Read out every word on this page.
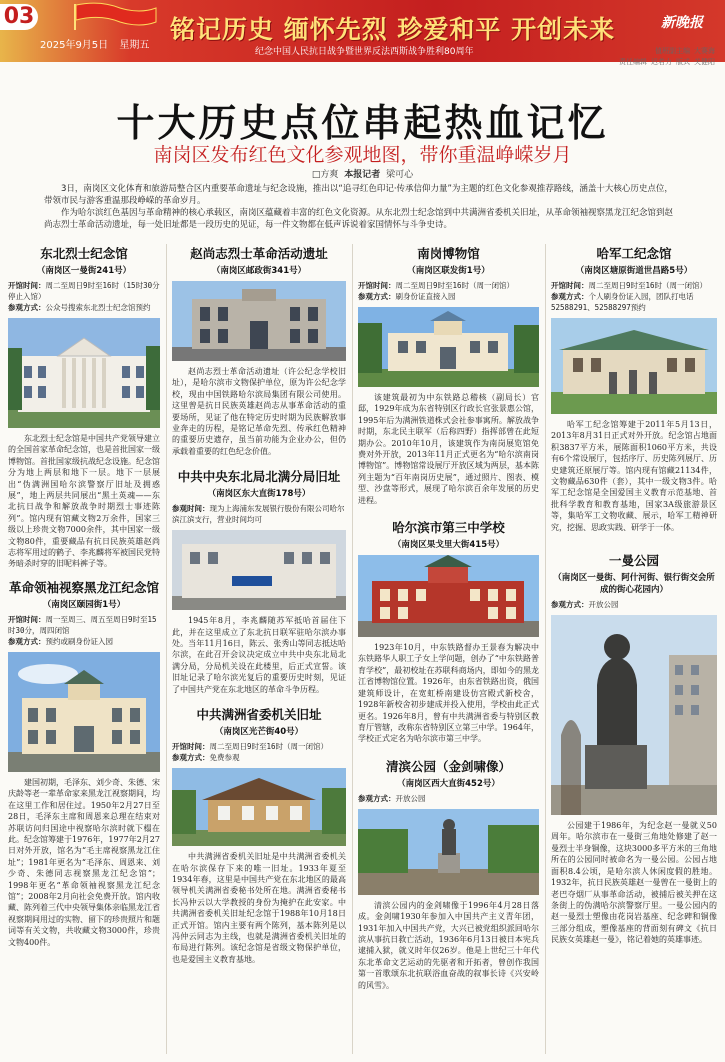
03
2025年9月5日 星期五
铭记历史 缅怀先烈 珍爱和平 开创未来
纪念中国人民抗日战争暨世界反法西斯战争胜利80周年
新晚报
值班副主编 大赛海
责任编辑 迟若力 版式 关健阳
十大历史点位串起热血记忆
南岗区发布红色文化参观地图，带你重温峥嵘岁月
□方爽 本报记者 梁可心

3日，南岗区文化体育和旅游局整合区内重要革命遗址与纪念设施，推出以“追寻红色印记·传承信仰力量”为主题的红色文化参观推荐路线，涵盖十大核心历史点位，带领市民与游客重温那段峥嵘的革命岁月。

作为哈尔滨红色基因与革命精神的核心承载区，南岗区蕴藏着丰富的红色文化资源。从东北烈士纪念馆到中共满洲省委机关旧址，从革命领袖视察黑龙江纪念馆到赵尚志烈士革命活动遗址，每一处旧址都是一段历史的见证，每一件文物都在低声诉说着家国情怀与斗争史诗。

东北烈士纪念馆
（南岗区一曼街241号）
开馆时间：周二至周日9时至16时（15时30分停止入馆）
参观方式：公众号搜索东北烈士纪念馆预约

东北烈士纪念馆是中国共产党领导建立的全国首家革命纪念馆，也是首批国家一级博物馆。首批国家级抗战纪念设施。纪念馆分为地上两层和地下一层。地下一层展出“伪满洲国哈尔滨警察厅旧址及拥惑展”，地上两层共同展出“黑土英魂——东北抗日战争和解放战争时期烈士事迹陈列”。馆内现有馆藏文物2万余件，国家三级以上珍贵文物7000余件，其中国家一级文物80件，重要藏品有抗日民族英雄赵尚志将军用过的鹤子、李兆麟将军被国民党特务暗杀时穿的旧呢料裤子等。

革命领袖视察黑龙江纪念馆
（南岗区颐园街1号）
开馆时间：周一至周三、周五至周日9时至15时30分，周四闭馆
参观方式：预约或刷身份证入园

建国初期，毛泽东、刘少奇、朱德、宋庆龄等老一辈革命家来黑龙江视察期间，均在这里工作和居住过。1950年2月27日至28日，毛泽东主席和周恩来总理在结束对苏联访问归国途中视察哈尔滨时就下榻在此。纪念馆筹建于1976年，1977年2月27日对外开放，馆名为“毛主席视察黑龙江住址”；1981年更名为“毛泽东、周恩来、刘少奇、朱德同志视察黑龙江纪念馆”；1998年更名“革命领袖视察黑龙江纪念馆”；2008年2月向社会免费开放。馆内收藏、陈列着三代中央领导集体亲临黑龙江省视察期间用过的实物、留下的珍贵照片和题词等有关文物，共收藏文物3000件，珍贵文物400件。

赵尚志烈士革命活动遗址
（南岗区邮政街341号）

赵尚志烈士革命活动遗址（许公纪念学校旧址），是哈尔滨市文物保护单位，原为许公纪念学校，现由中国铁路哈尔滨局集团有限公司使用。这里曾是抗日民族英雄赵尚志从事革命活动的重要场所，见证了他在特定历史时期为民族解放事业奔走的历程，是铭记革命先烈、传承红色精神的重要历史遗存，虽当前功能为企业办公，但仍承载着重要的红色纪念价值。

中共中央东北局北满分局旧址
（南岗区东大直街178号）
参观时间：现为上海浦东发展银行股份有限公司哈尔滨江滨支行，营业时间均可

1945年8月，李兆麟随苏军抵哈首届住下此，并在这里成立了东北抗日联军驻哈尔滨办事处。当年11月16日，陈云、张秀山等同志抵达哈尔滨，在此召开会议决定成立中共中央东北局北满分局，分局机关设在此楼里，后正式宣誓。该旧址记录了哈尔滨光复后的重要历史时刻，见证了中国共产党在东北地区的革命斗争历程。

中共满洲省委机关旧址
（南岗区光芒街40号）
开馆时间：周二至周日9时至16时（周一闭馆）
参观方式：免费参观

中共满洲省委机关旧址是中共满洲省委机关在哈尔滨保存下来的唯一旧址。1933年夏至1934年春，这里是中国共产党在东北地区的最高领导机关满洲省委秘书处所在地。满洲省委秘书长冯仲云以大学教授的身份为掩护在此安家。中共满洲省委机关旧址纪念馆于1988年10月18日正式开馆。馆内主要有两个陈列，基本陈列是以冯仲云同志为主线，也就是满洲省委机关旧址的布局进行陈列。该纪念馆是省级文物保护单位，也是爱国主义教育基地。

南岗博物馆
（南岗区联发街1号）
开馆时间：周二至周日9时至16时（周一闭馆）
参观方式：刷身份证直接入园

该建筑最初为中东铁路总稽核（副局长）官邸，1929年成为东省特别区行政长官张景惠公馆，1995年后为满洲铁道株式会社参事寓所。解放战争时期，东北民主联军（后称四野）指挥部曾在此短期办公。2010年10月，该建筑作为南岗展览馆免费对外开放，2013年11月正式更名为“哈尔滨南岗博物馆”。博物馆常设展厅开放区域为两层，基本陈列主题为“百年南岗历史展”，通过照片、图表、模型、沙盘等形式，展现了哈尔滨百余年发展的历史进程。

哈尔滨市第三中学校
（南岗区果戈里大街415号）

1923年10月，中东铁路督办王景春为解决中东铁路华人职工子女上学问题，创办了“中东铁路普育学校”，最初校址在苏联科商场内，即如今的黑龙江省博物馆位置。1926年，由东省铁路出资，俄国建筑师设计，在宽虹桥南建设仿宫殿式新校舍，1928年新校舍初步建成并投入使用，学校由此正式更名。1926年8月，曾有中共满洲省委与特别区教育厅管辖，改称东省特别区立第三中学。1964年，学校正式定名为哈尔滨市第三中学。

清滨公园（金剑啸像）
（南岗区西大直街452号）
参观方式：开放公园

清滨公园内的金剑啸像于1996年4月28日落成。金剑啸1930年参加入中国共产主义青年团，1931年加入中国共产党，大兴已被党组织派回哈尔滨从事抗日救亡活动，1936年6月13日被日本宪兵逮捕入狱，就义时年仅26岁。他是上世纪三十年代东北革命文艺运动的先驱者和开拓者，曾创作我国第一首歌颂东北抗联浴血奋战的叙事长诗《兴安岭的风雪》。

哈军工纪念馆
（南岗区塘原街道世昌路5号）
开馆时间：周二至周日9时至16时（周一闭馆）
参观方式：个人刷身份证入园，团队打电话52588291、52588297预约

哈军工纪念馆筹建于2011年5月13日，2013年8月31日正式对外开放。纪念馆占地面积3837平方米，展陈面积1060平方米，共设有6个常设展厅，包括序厅、历史陈列展厅、历史建筑还原展厅等。馆内现有馆藏21134件，文物藏品630件（套），其中一级文物3件。哈军工纪念馆是全国爱国主义教育示范基地、首批科学教育和教育基地，国家3A级旅游景区等，集哈军工文物收藏、展示，哈军工精神研究，挖掘、思政实践、研学于一体。

一曼公园
（南岗区一曼街、阿什河街、银行街交会所成的街心花园内）
参观方式：开放公园

公园建于1986年，为纪念赵一曼就义50周年。哈尔滨市在一曼街三角地处修建了赵一曼烈士半身铜像，这块3000多平方米的三角地所在的公园同时被命名为一曼公园。公园占地面积8.4公顷，是哈尔滨人休闲度假的胜地。1932年，抗日民族英雄赵一曼曾在一曼街上的老巴夺烟厂从事革命活动，被捕后被关押在这条街上的伪满哈尔滨警察厅里。一曼公园内的赵一曼烈士塑像由花岗岩基座、纪念碑和铜像三部分组成，塑像基座的背面刻有碑文《抗日民族女英雄赵一曼》，铭记着她的英雄事迹。
